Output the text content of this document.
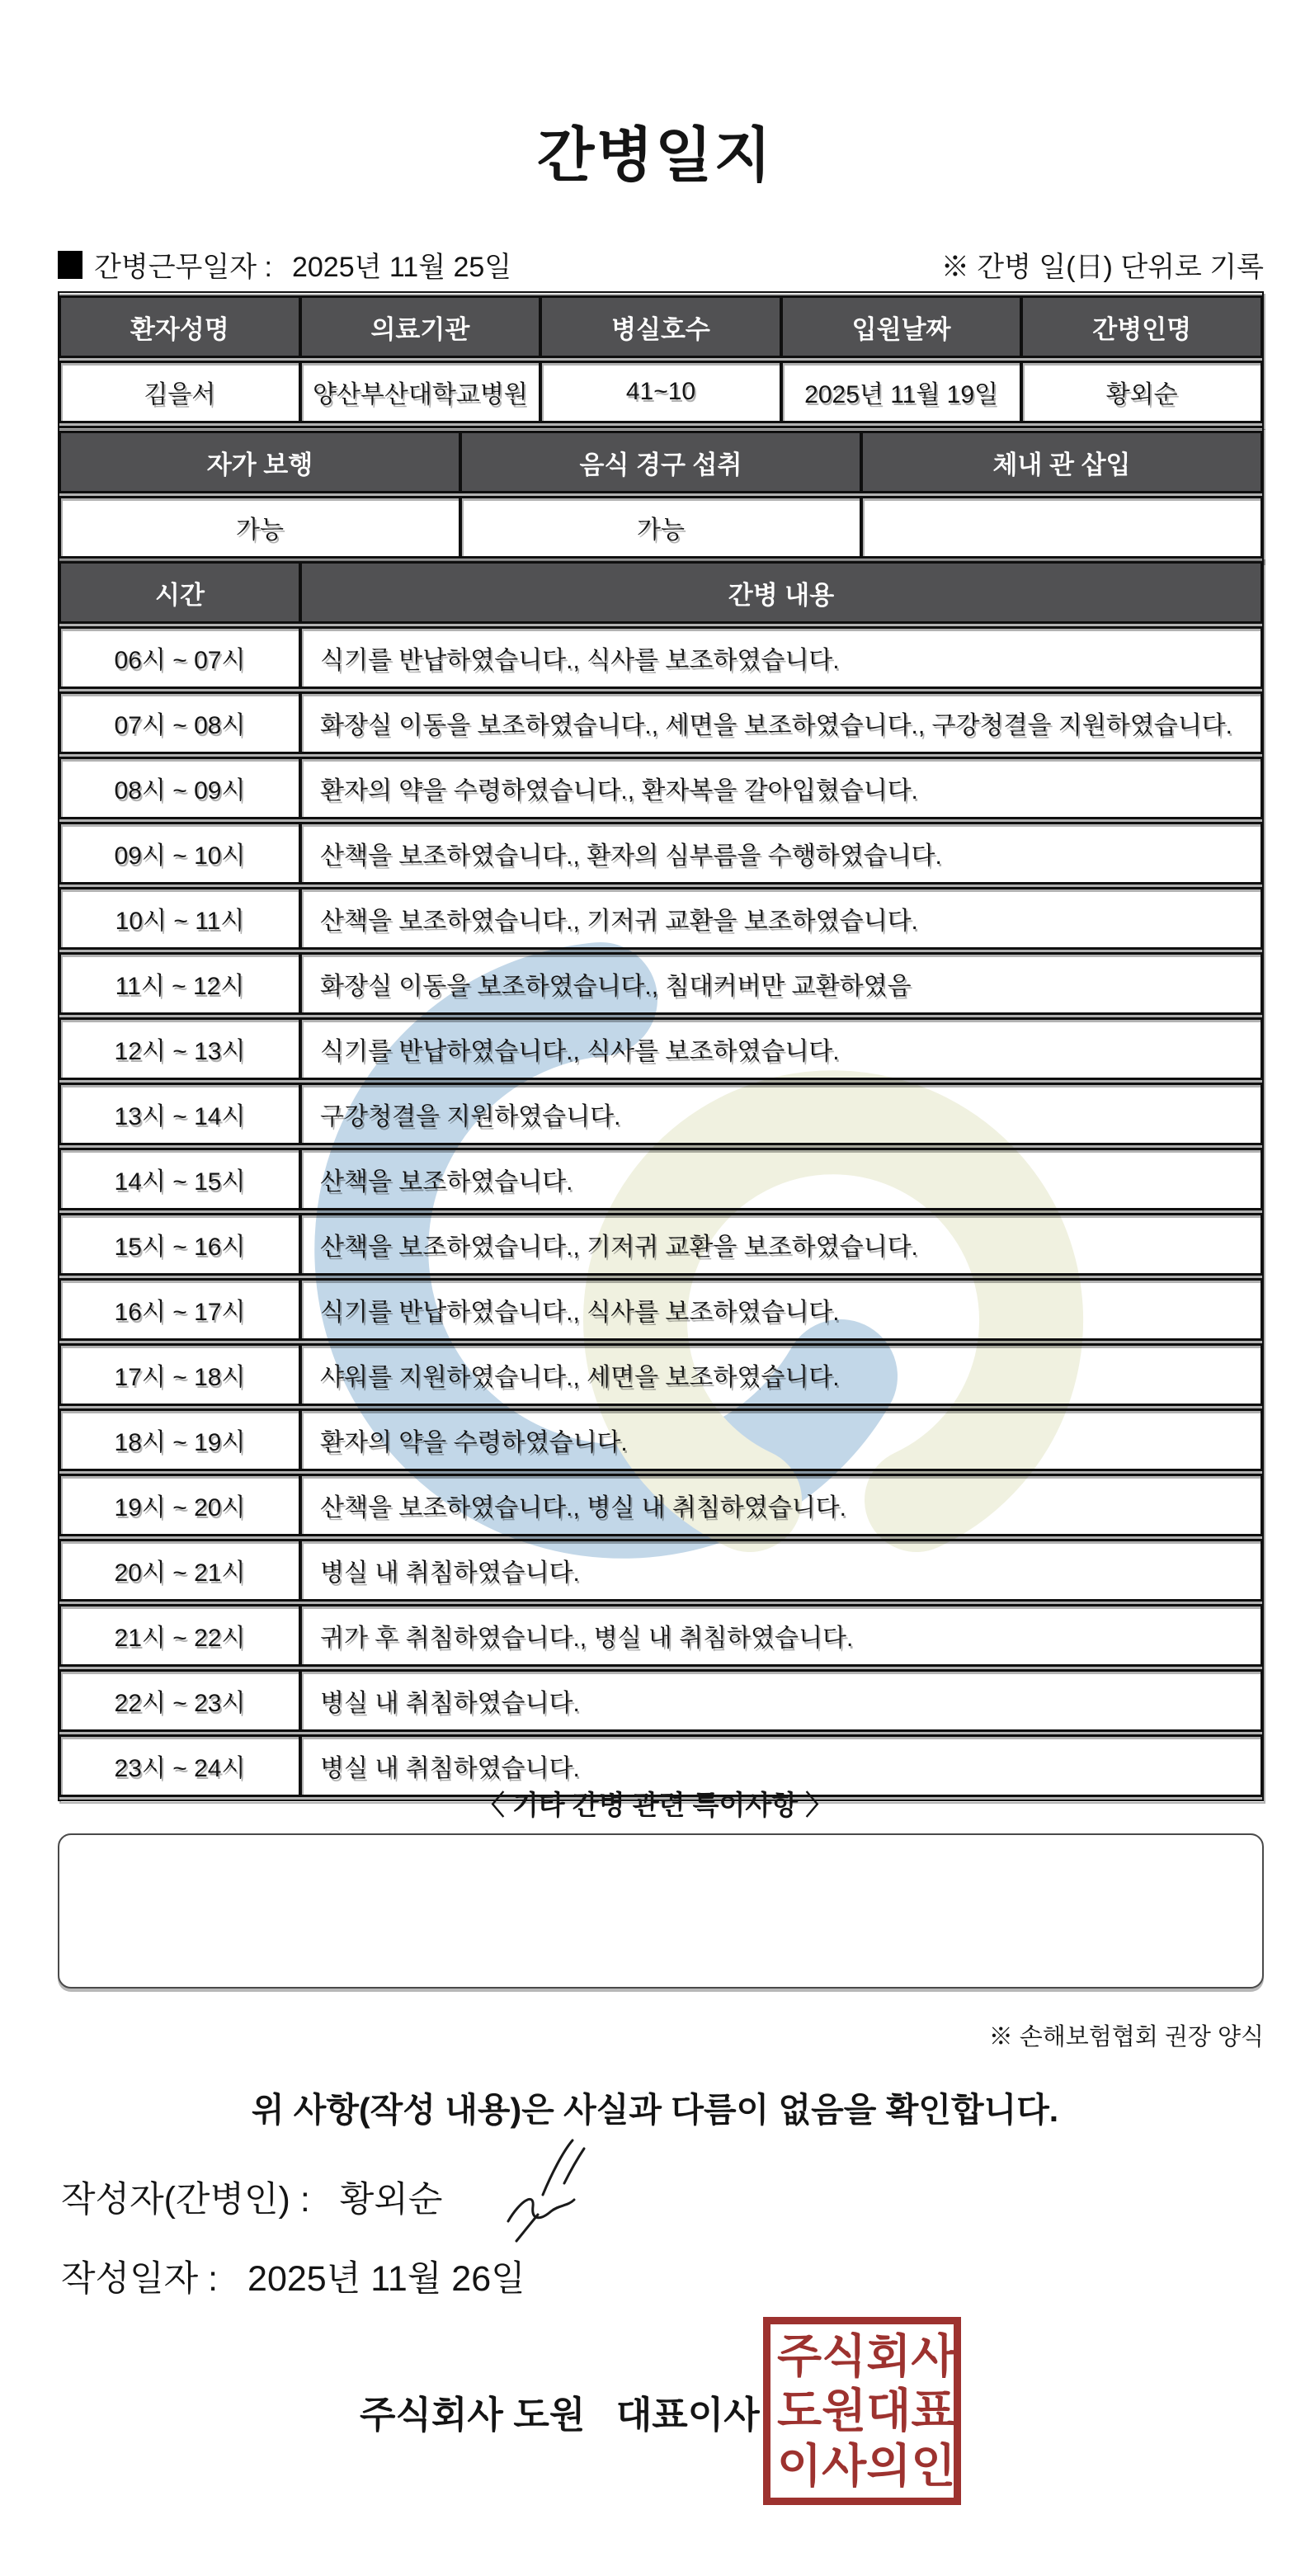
간병일지
간병근무일자 : 2025년 11월 25일	※ 간병 일(日) 단위로 기록
환자성명	의료기관	병실호수	입원날짜	간병인명
김을서	양산부산대학교병원	41~10	2025년 11월 19일	황외순
자가 보행	음식 경구 섭취	체내 관 삽입
가능	가능	
시간	간병 내용
06시 ~ 07시	식기를 반납하였습니다., 식사를 보조하였습니다.
07시 ~ 08시	화장실 이동을 보조하였습니다., 세면을 보조하였습니다., 구강청결을 지원하였습니다.
08시 ~ 09시	환자의 약을 수령하였습니다., 환자복을 갈아입혔습니다.
09시 ~ 10시	산책을 보조하였습니다., 환자의 심부름을 수행하였습니다.
10시 ~ 11시	산책을 보조하였습니다., 기저귀 교환을 보조하였습니다.
11시 ~ 12시	화장실 이동을 보조하였습니다., 침대커버만 교환하였음
12시 ~ 13시	식기를 반납하였습니다., 식사를 보조하였습니다.
13시 ~ 14시	구강청결을 지원하였습니다.
14시 ~ 15시	산책을 보조하였습니다.
15시 ~ 16시	산책을 보조하였습니다., 기저귀 교환을 보조하였습니다.
16시 ~ 17시	식기를 반납하였습니다., 식사를 보조하였습니다.
17시 ~ 18시	샤워를 지원하였습니다., 세면을 보조하였습니다.
18시 ~ 19시	환자의 약을 수령하였습니다.
19시 ~ 20시	산책을 보조하였습니다., 병실 내 취침하였습니다.
20시 ~ 21시	병실 내 취침하였습니다.
21시 ~ 22시	귀가 후 취침하였습니다., 병실 내 취침하였습니다.
22시 ~ 23시	병실 내 취침하였습니다.
23시 ~ 24시	병실 내 취침하였습니다.
〈 기타 간병 관련 특이사항 〉
※ 손해보험협회 권장 양식
위 사항(작성 내용)은 사실과 다름이 없음을 확인합니다.
작성자(간병인) : 황외순
작성일자 : 2025년 11월 26일
주식회사 도원   대표이사
주 식 회 사
도 원 대 표
이 사 의 인
